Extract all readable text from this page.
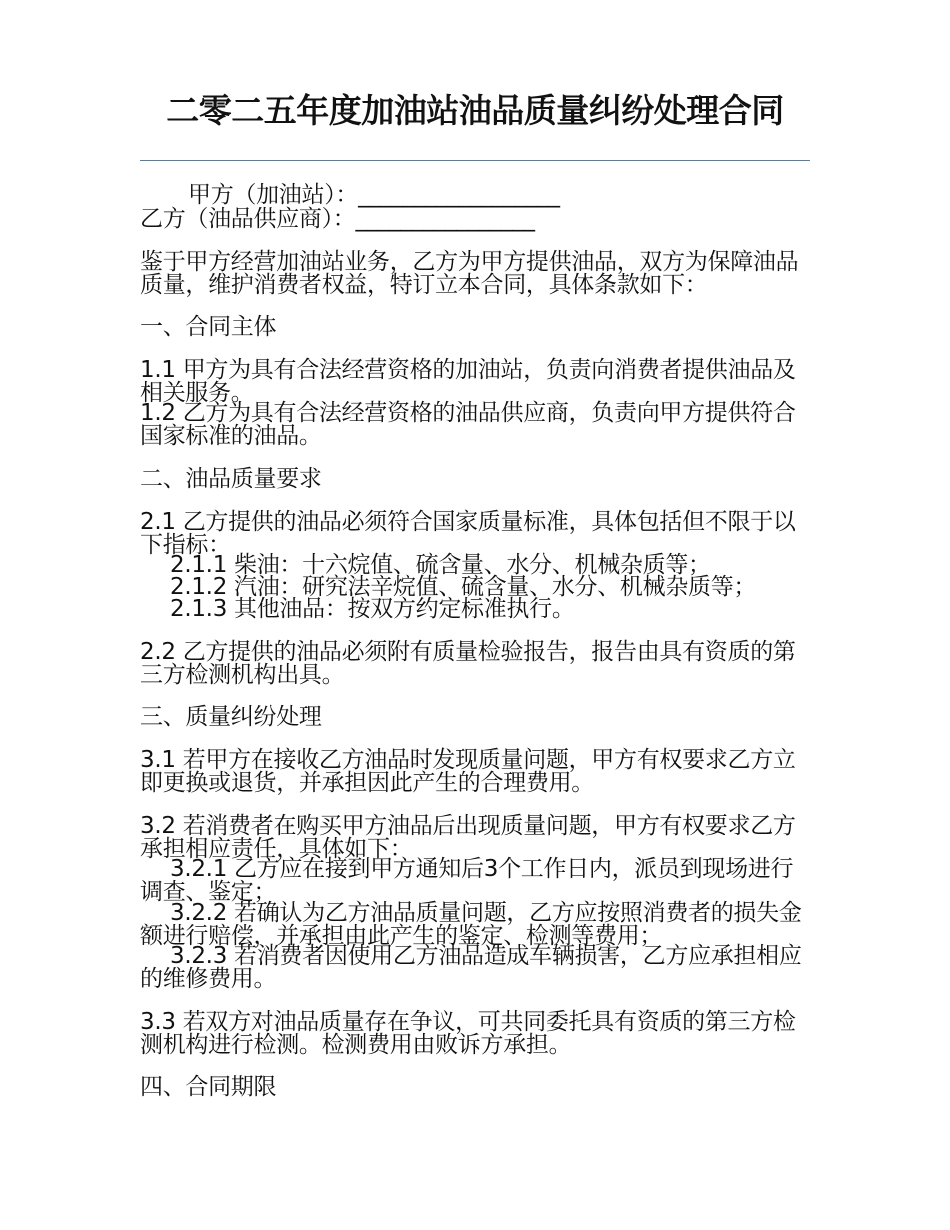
二零二五年度加油站油品质量纠纷处理合同

甲方（加油站）：__________________

乙方（油品供应商）：________________

鉴于甲方经营加油站业务，乙方为甲方提供油品，双方为保障油品质量，维护消费者权益，特订立本合同，具体条款如下：

一、合同主体

1.1 甲方为具有合法经营资格的加油站，负责向消费者提供油品及相关服务。

1.2 乙方为具有合法经营资格的油品供应商，负责向甲方提供符合国家标准的油品。

二、油品质量要求

2.1 乙方提供的油品必须符合国家质量标准，具体包括但不限于以下指标：

2.1.1 柴油：十六烷值、硫含量、水分、机械杂质等；

2.1.2 汽油：研究法辛烷值、硫含量、水分、机械杂质等；

2.1.3 其他油品：按双方约定标准执行。

2.2 乙方提供的油品必须附有质量检验报告，报告由具有资质的第三方检测机构出具。

三、质量纠纷处理

3.1 若甲方在接收乙方油品时发现质量问题，甲方有权要求乙方立即更换或退货，并承担因此产生的合理费用。

3.2 若消费者在购买甲方油品后出现质量问题，甲方有权要求乙方承担相应责任，具体如下：

3.2.1 乙方应在接到甲方通知后3个工作日内，派员到现场进行调查、鉴定；

3.2.2 若确认为乙方油品质量问题，乙方应按照消费者的损失金额进行赔偿，并承担由此产生的鉴定、检测等费用；

3.2.3 若消费者因使用乙方油品造成车辆损害，乙方应承担相应的维修费用。

3.3 若双方对油品质量存在争议，可共同委托具有资质的第三方检测机构进行检测。检测费用由败诉方承担。

四、合同期限
